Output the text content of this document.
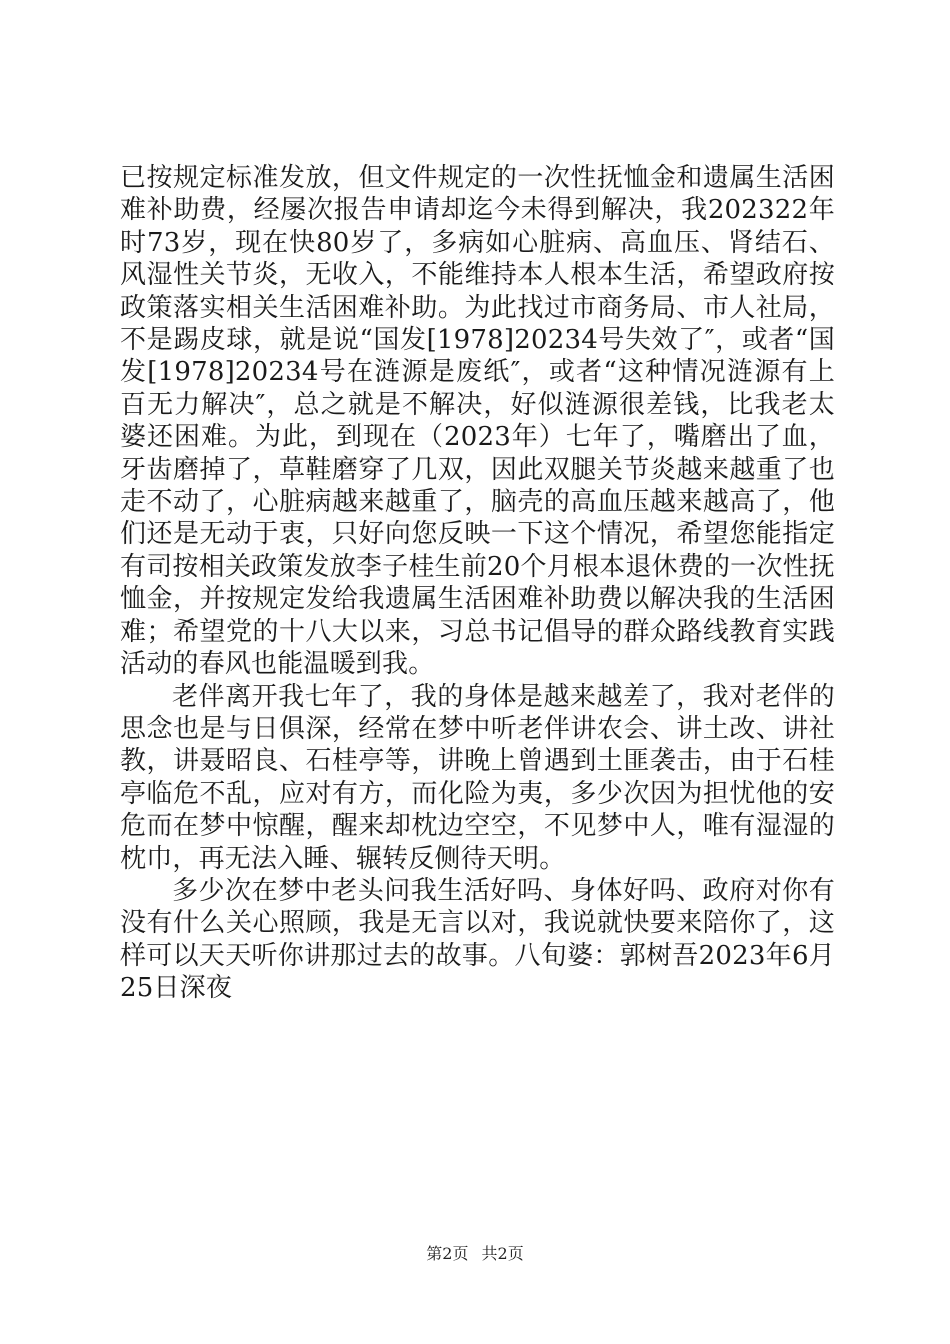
已按规定标准发放，但文件规定的一次性抚恤金和遗属生活困难补助费，经屡次报告申请却迄今未得到解决，我202322年时73岁，现在快80岁了，多病如心脏病、高血压、肾结石、风湿性关节炎，无收入，不能维持本人根本生活，希望政府按政策落实相关生活困难补助。为此找过市商务局、市人社局，不是踢皮球，就是说“国发[1978]20234号失效了″，或者“国发[1978]20234号在涟源是废纸″，或者“这种情况涟源有上百无力解决″，总之就是不解决，好似涟源很差钱，比我老太婆还困难。为此，到现在（2023年）七年了，嘴磨出了血，牙齿磨掉了，草鞋磨穿了几双，因此双腿关节炎越来越重了也走不动了，心脏病越来越重了，脑壳的高血压越来越高了，他们还是无动于衷，只好向您反映一下这个情况，希望您能指定有司按相关政策发放李子桂生前20个月根本退休费的一次性抚恤金，并按规定发给我遗属生活困难补助费以解决我的生活困难；希望党的十八大以来，习总书记倡导的群众路线教育实践活动的春风也能温暖到我。

老伴离开我七年了，我的身体是越来越差了，我对老伴的思念也是与日俱深，经常在梦中听老伴讲农会、讲土改、讲社教，讲聂昭良、石桂亭等，讲晚上曾遇到土匪袭击，由于石桂亭临危不乱，应对有方，而化险为夷，多少次因为担忧他的安危而在梦中惊醒，醒来却枕边空空，不见梦中人，唯有湿湿的枕巾，再无法入睡、辗转反侧待天明。

多少次在梦中老头问我生活好吗、身体好吗、政府对你有没有什么关心照顾，我是无言以对，我说就快要来陪你了，这样可以天天听你讲那过去的故事。八旬婆：郭树吾2023年6月25日深夜

第2页 共2页
